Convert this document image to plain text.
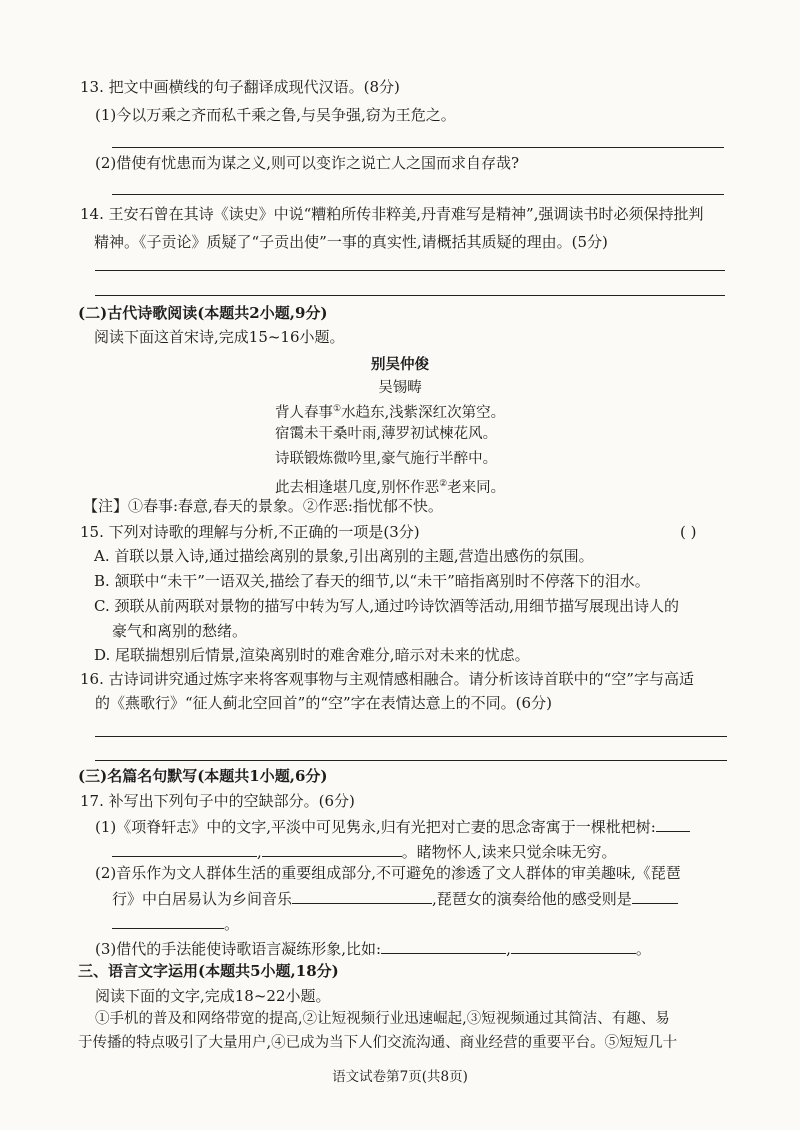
13. 把文中画横线的句子翻译成现代汉语。(8分)
(1)今以万乘之齐而私千乘之鲁,与吴争强,窃为王危之。
(2)借使有忧患而为谋之义,则可以变诈之说亡人之国而求自存哉?
14. 王安石曾在其诗《读史》中说“糟粕所传非粹美,丹青难写是精神”,强调读书时必须保持批判
精神。《子贡论》质疑了“子贡出使”一事的真实性,请概括其质疑的理由。(5分)
(二)古代诗歌阅读(本题共2小题,9分)
阅读下面这首宋诗,完成15~16小题。
别吴仲俊
吴锡畴
背人春事①水趋东,浅紫深红次第空。
宿霭未干桑叶雨,薄罗初试楝花风。
诗联锻炼微吟里,豪气施行半醉中。
此去相逢堪几度,别怀作恶②老来同。
【注】①春事:春意,春天的景象。②作恶:指忧郁不快。
15. 下列对诗歌的理解与分析,不正确的一项是(3分)	( )
A. 首联以景入诗,通过描绘离别的景象,引出离别的主题,营造出感伤的氛围。
B. 颔联中“未干”一语双关,描绘了春天的细节,以“未干”暗指离别时不停落下的泪水。
C. 颈联从前两联对景物的描写中转为写人,通过吟诗饮酒等活动,用细节描写展现出诗人的
豪气和离别的愁绪。
D. 尾联揣想别后情景,渲染离别时的难舍难分,暗示对未来的忧虑。
16. 古诗词讲究通过炼字来将客观事物与主观情感相融合。请分析该诗首联中的“空”字与高适
的《燕歌行》“征人蓟北空回首”的“空”字在表情达意上的不同。(6分)
(三)名篇名句默写(本题共1小题,6分)
17. 补写出下列句子中的空缺部分。(6分)
(1)《项脊轩志》中的文字,平淡中可见隽永,归有光把对亡妻的思念寄寓于一棵枇杷树:
,	。睹物怀人,读来只觉余味无穷。
(2)音乐作为文人群体生活的重要组成部分,不可避免的渗透了文人群体的审美趣味,《琵琶
行》中白居易认为乡间音乐	,琵琶女的演奏给他的感受则是
。
(3)借代的手法能使诗歌语言凝练形象,比如:	,	。
三、语言文字运用(本题共5小题,18分)
阅读下面的文字,完成18~22小题。
①手机的普及和网络带宽的提高,②让短视频行业迅速崛起,③短视频通过其简洁、有趣、易
于传播的特点吸引了大量用户,④已成为当下人们交流沟通、商业经营的重要平台。⑤短短几十
语文试卷第7页(共8页)
